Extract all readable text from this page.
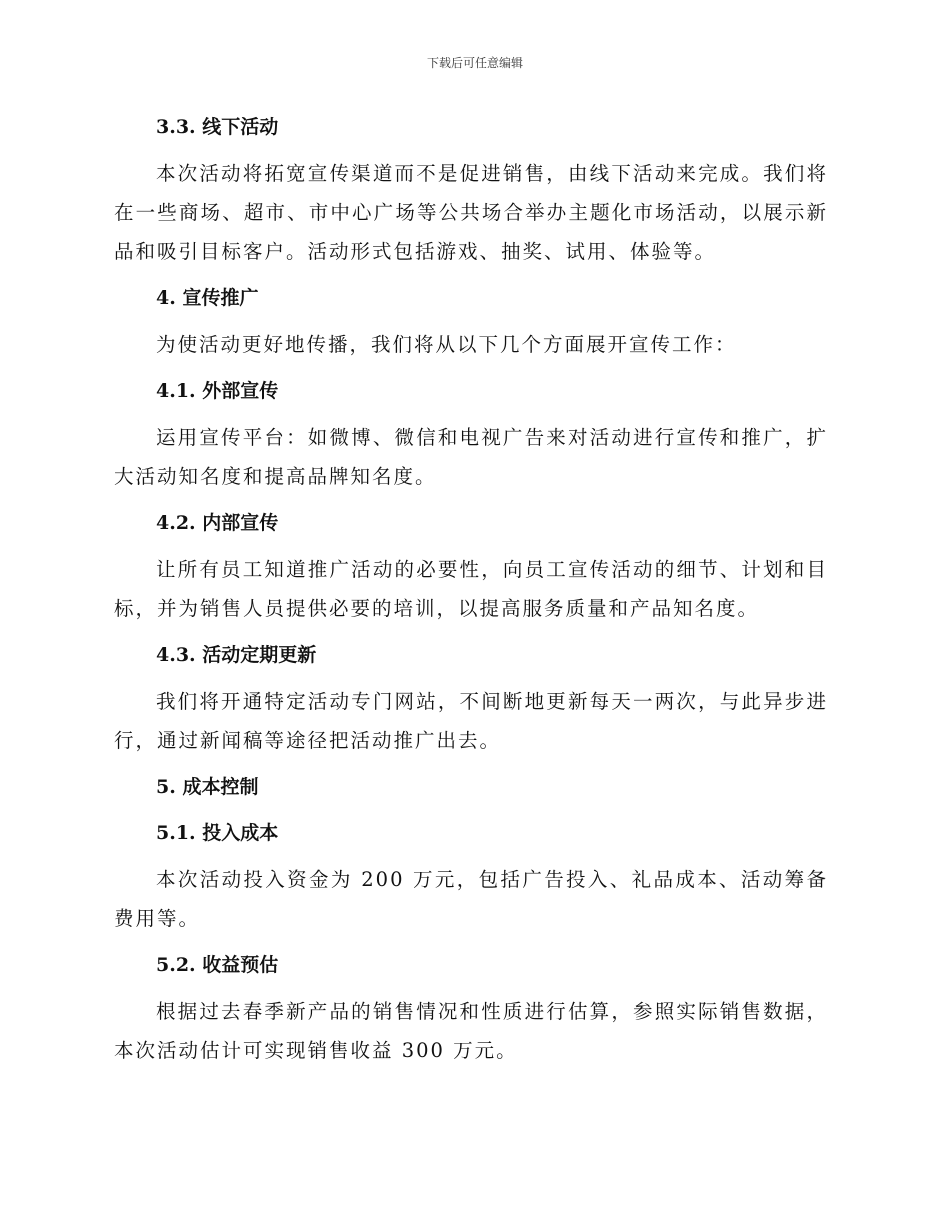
下载后可任意编辑
3.3. 线下活动

本次活动将拓宽宣传渠道而不是促进销售，由线下活动来完成。我们将在一些商场、超市、市中心广场等公共场合举办主题化市场活动，以展示新品和吸引目标客户。活动形式包括游戏、抽奖、试用、体验等。

4. 宣传推广

为使活动更好地传播，我们将从以下几个方面展开宣传工作：

4.1. 外部宣传

运用宣传平台：如微博、微信和电视广告来对活动进行宣传和推广，扩大活动知名度和提高品牌知名度。

4.2. 内部宣传

让所有员工知道推广活动的必要性，向员工宣传活动的细节、计划和目标，并为销售人员提供必要的培训，以提高服务质量和产品知名度。

4.3. 活动定期更新

我们将开通特定活动专门网站，不间断地更新每天一两次，与此异步进行，通过新闻稿等途径把活动推广出去。

5. 成本控制
5.1. 投入成本

本次活动投入资金为 200 万元，包括广告投入、礼品成本、活动筹备费用等。

5.2. 收益预估

根据过去春季新产品的销售情况和性质进行估算，参照实际销售数据，本次活动估计可实现销售收益 300 万元。
